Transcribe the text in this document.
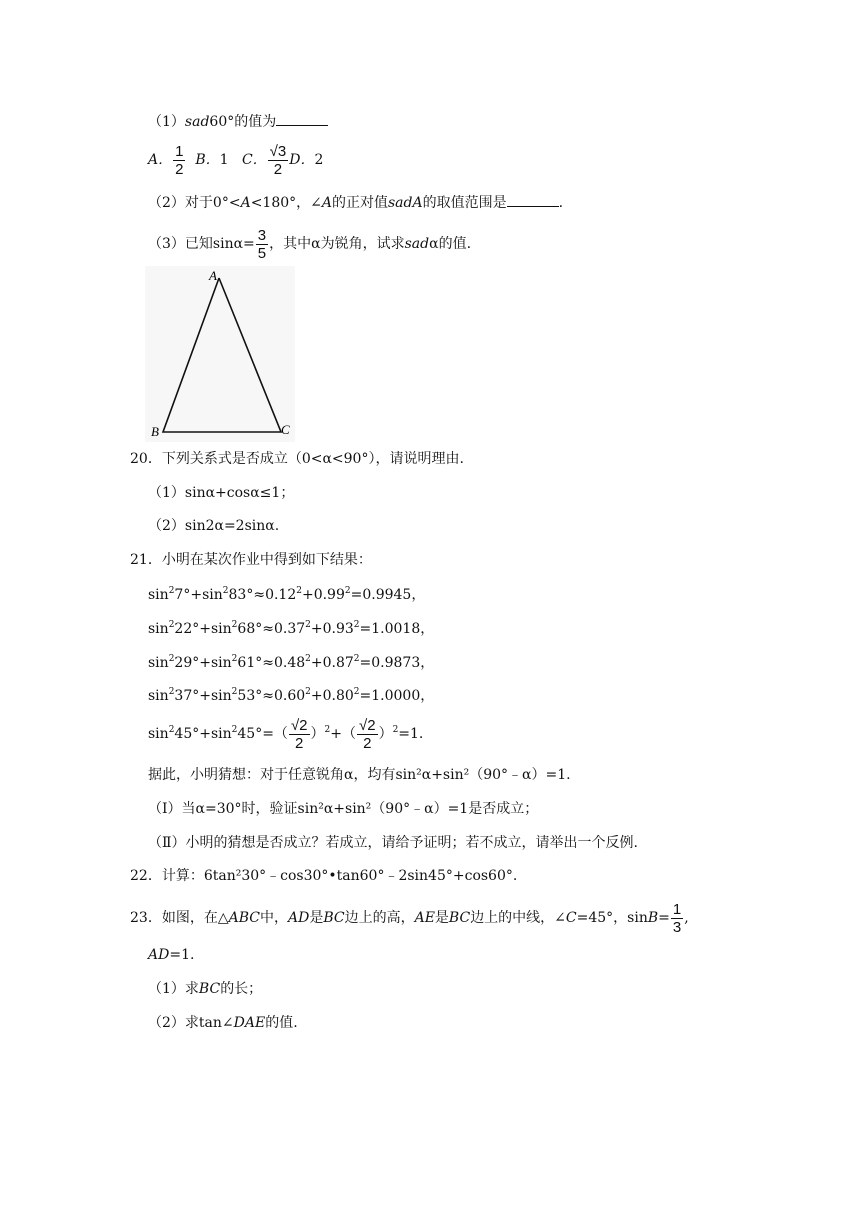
（1）sad60°的值为
A． $\frac{1}{2}$ B．1 C． $\frac{√3}{2}$ D．2
（2）对于0°<A<180°，∠A的正对值sadA的取值范围是	.
（3）已知$\sin\alpha= \frac{3}{5}$ ，其中α为锐角，试求sadα的值.
A
B	C
20．下列关系式是否成立（0<α<90°），请说明理由.
（1）sinα+cosα≤1；
（2）sin2α=2sinα.
21．小明在某次作业中得到如下结果：
$\sin^27^\circ+\sin^283^\circ\approx 0.12^2+0.99^2=0.9945$，
$\sin^222^\circ+\sin^268^\circ\approx 0.37^2+0.93^2=1.0018$，
$\sin^229^\circ+\sin^261^\circ\approx 0.48^2+0.87^2=0.9873$，
$\sin^237^\circ+\sin^253^\circ\approx 0.60^2+0.80^2=1.0000$，
$\sin^245^\circ+\sin^245^\circ=( \frac{√2}{2} )^2+( \frac{√2}{2} )^2=1$.
据此，小明猜想：对于任意锐角α，均有sin²α+sin²（90°﹣α）=1.
（Ⅰ）当α=30°时，验证sin²α+sin²（90°﹣α）=1是否成立；
（Ⅱ）小明的猜想是否成立？若成立，请给予证明；若不成立，请举出一个反例.
22．计算：6tan²30°﹣cos30°•tan60°﹣2sin45°+cos60°.
23．如图，在△ABC中，AD是BC边上的高，AE是BC边上的中线，∠C=45°，$\sin B= \frac{1}{3}$ ,
AD=1.
（1）求BC的长；
（2）求tan∠DAE的值.
